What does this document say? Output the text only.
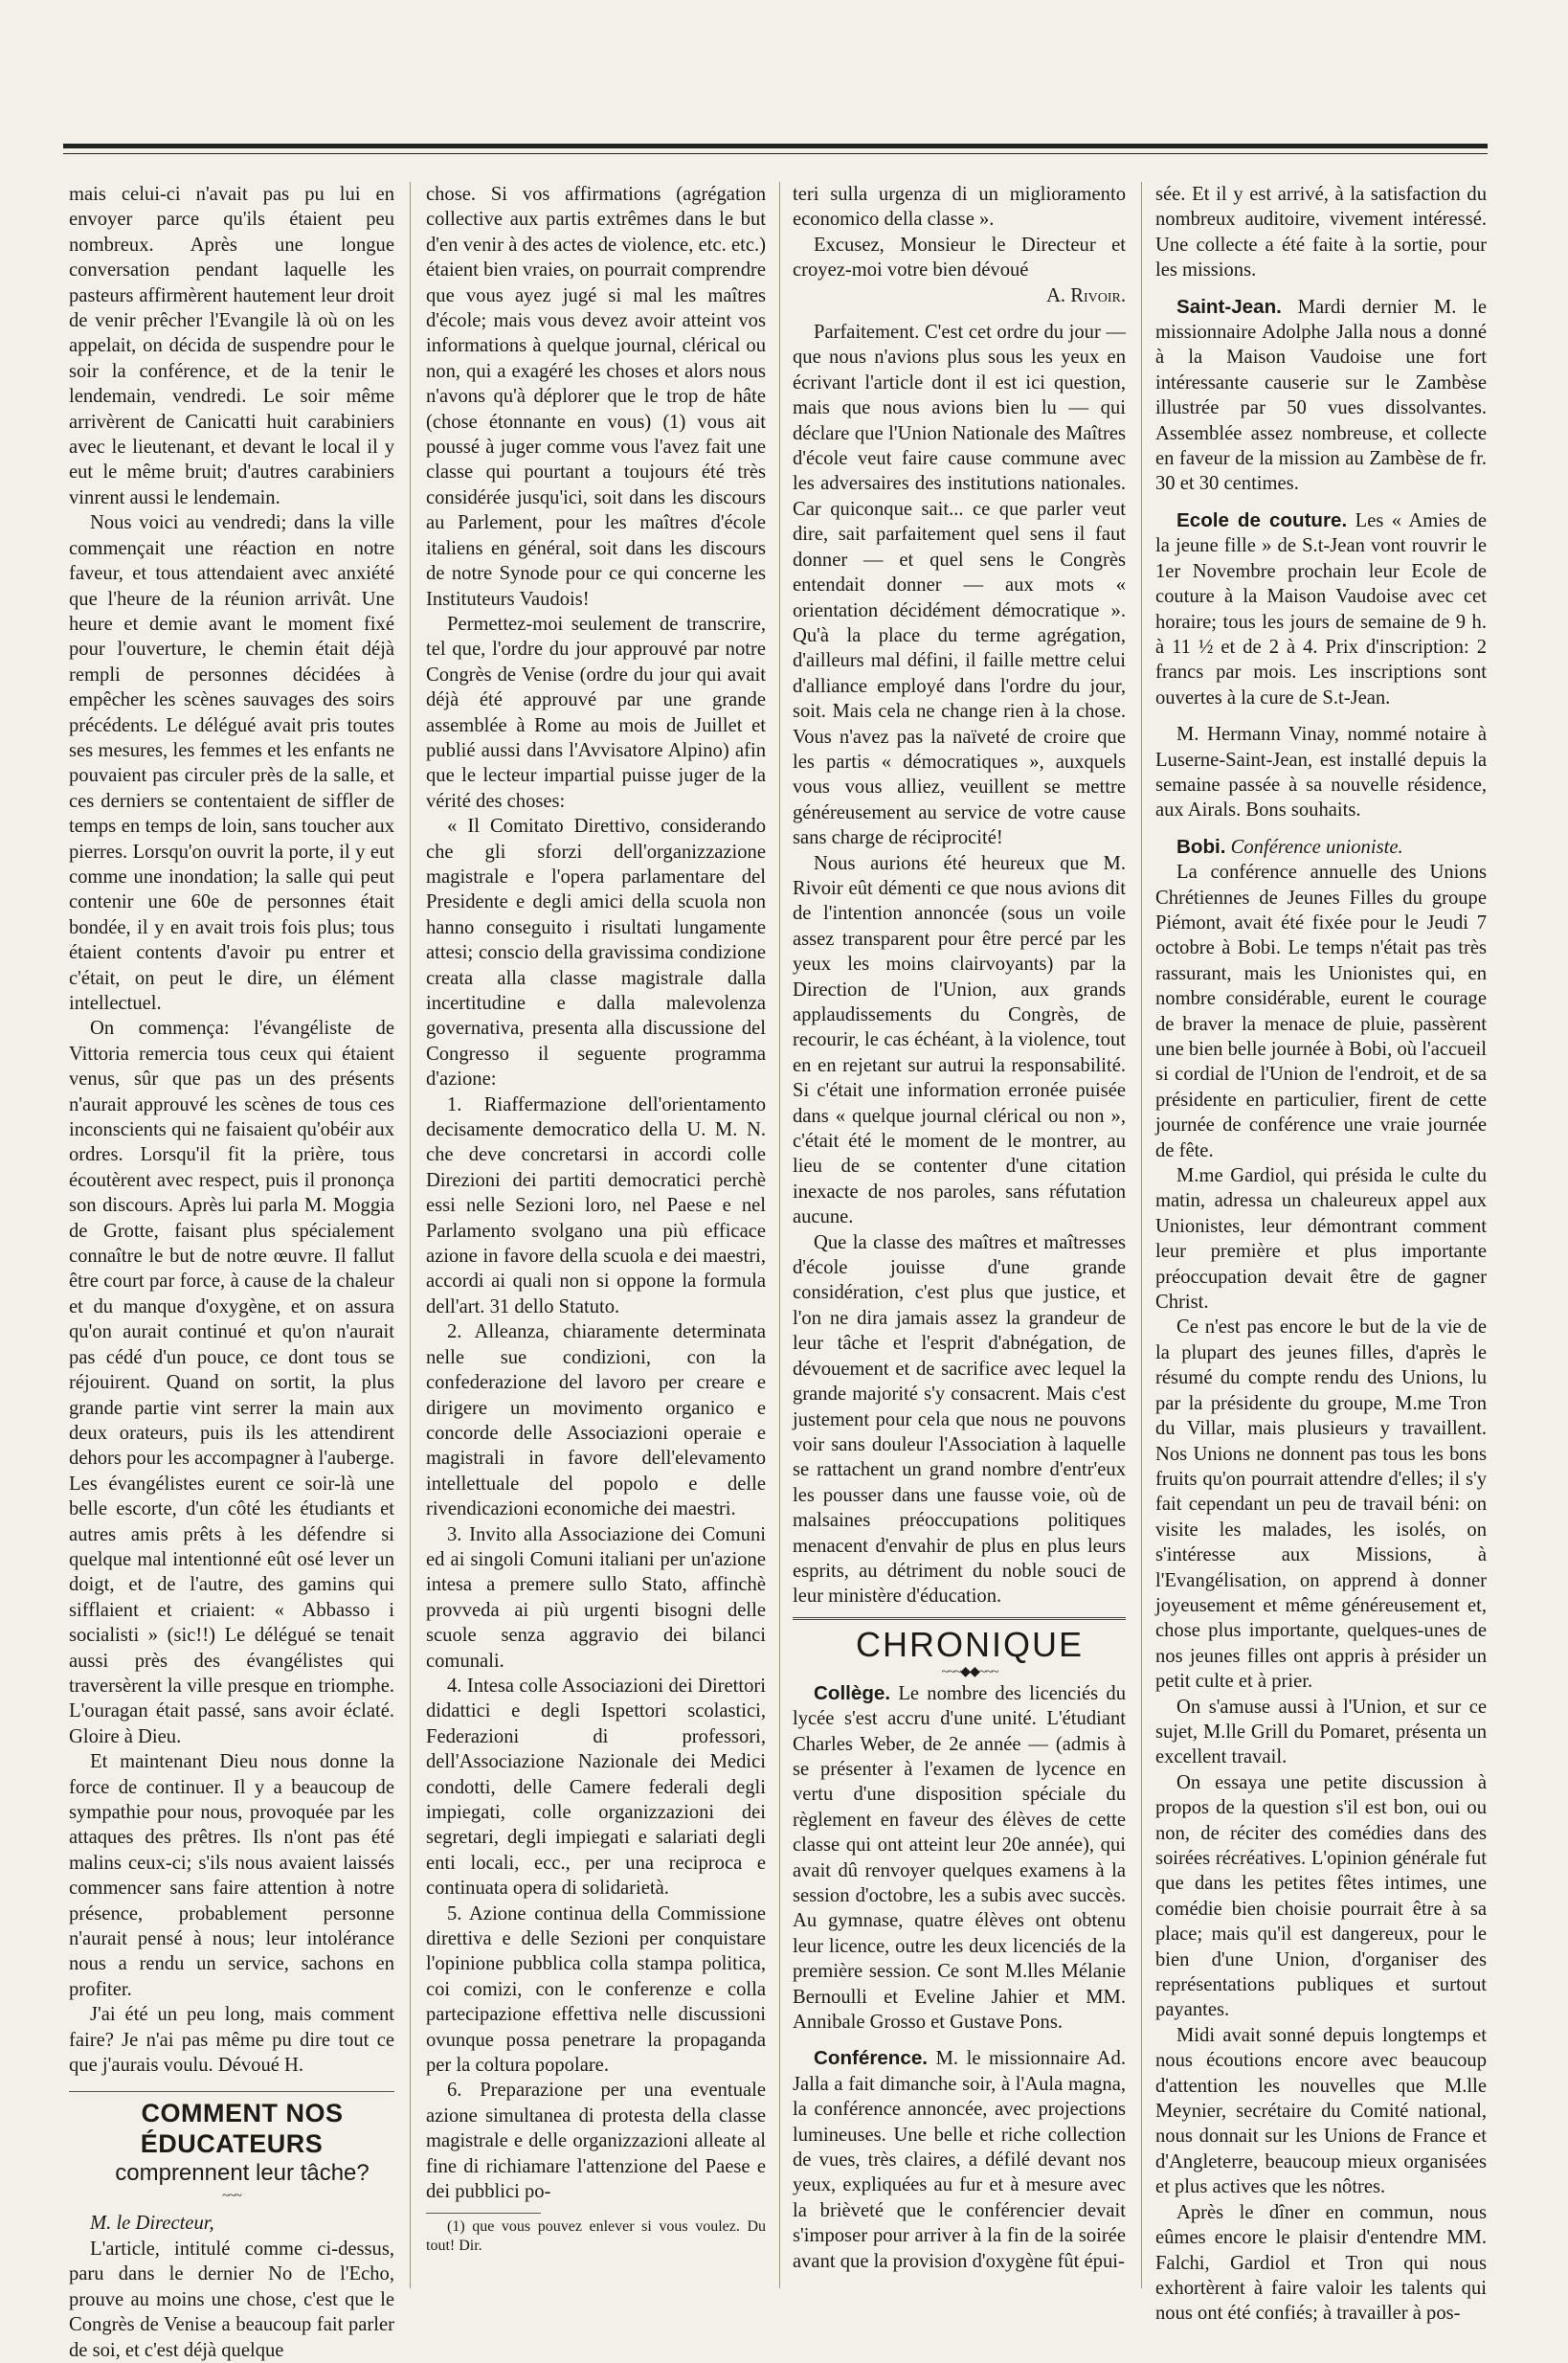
mais celui-ci n'avait pas pu lui en envoyer parce qu'ils étaient peu nombreux. Après une longue conversation pendant laquelle les pasteurs affirmèrent hautement leur droit de venir prêcher l'Evangile là où on les appelait, on décida de suspendre pour le soir la conférence, et de la tenir le lendemain, vendredi. Le soir même arrivèrent de Canicatti huit carabiniers avec le lieutenant, et devant le local il y eut le même bruit; d'autres carabiniers vinrent aussi le lendemain.

Nous voici au vendredi; dans la ville commençait une réaction en notre faveur, et tous attendaient avec anxiété que l'heure de la réunion arrivât. Une heure et demie avant le moment fixé pour l'ouverture, le chemin était déjà rempli de personnes décidées à empêcher les scènes sauvages des soirs précédents. Le délégué avait pris toutes ses mesures, les femmes et les enfants ne pouvaient pas circuler près de la salle, et ces derniers se contentaient de siffler de temps en temps de loin, sans toucher aux pierres. Lorsqu'on ouvrit la porte, il y eut comme une inondation; la salle qui peut contenir une 60e de personnes était bondée, il y en avait trois fois plus; tous étaient contents d'avoir pu entrer et c'était, on peut le dire, un élément intellectuel.

On commença: l'évangéliste de Vittoria remercia tous ceux qui étaient venus, sûr que pas un des présents n'aurait approuvé les scènes de tous ces inconscients qui ne faisaient qu'obéir aux ordres. Lorsqu'il fit la prière, tous écoutèrent avec respect, puis il prononça son discours. Après lui parla M. Moggia de Grotte, faisant plus spécialement connaître le but de notre œuvre. Il fallut être court par force, à cause de la chaleur et du manque d'oxygène, et on assura qu'on aurait continué et qu'on n'aurait pas cédé d'un pouce, ce dont tous se réjouirent. Quand on sortit, la plus grande partie vint serrer la main aux deux orateurs, puis ils les attendirent dehors pour les accompagner à l'auberge. Les évangélistes eurent ce soir-là une belle escorte, d'un côté les étudiants et autres amis prêts à les défendre si quelque mal intentionné eût osé lever un doigt, et de l'autre, des gamins qui sifflaient et criaient: « Abbasso i socialisti » (sic!!) Le délégué se tenait aussi près des évangélistes qui traversèrent la ville presque en triomphe. L'ouragan était passé, sans avoir éclaté. Gloire à Dieu.

Et maintenant Dieu nous donne la force de continuer. Il y a beaucoup de sympathie pour nous, provoquée par les attaques des prêtres. Ils n'ont pas été malins ceux-ci; s'ils nous avaient laissés commencer sans faire attention à notre présence, probablement personne n'aurait pensé à nous; leur intolérance nous a rendu un service, sachons en profiter.

J'ai été un peu long, mais comment faire? Je n'ai pas même pu dire tout ce que j'aurais voulu. Dévoué H.

COMMENT NOS ÉDUCATEURS

comprennent leur tâche?

~~~

M. le Directeur,

L'article, intitulé comme ci-dessus, paru dans le dernier No de l'Echo, prouve au moins une chose, c'est que le Congrès de Venise a beaucoup fait parler de soi, et c'est déjà quelque

chose. Si vos affirmations (agrégation collective aux partis extrêmes dans le but d'en venir à des actes de violence, etc. etc.) étaient bien vraies, on pourrait comprendre que vous ayez jugé si mal les maîtres d'école; mais vous devez avoir atteint vos informations à quelque journal, clérical ou non, qui a exagéré les choses et alors nous n'avons qu'à déplorer que le trop de hâte (chose étonnante en vous) (1) vous ait poussé à juger comme vous l'avez fait une classe qui pourtant a toujours été très considérée jusqu'ici, soit dans les discours au Parlement, pour les maîtres d'école italiens en général, soit dans les discours de notre Synode pour ce qui concerne les Instituteurs Vaudois!

Permettez-moi seulement de transcrire, tel que, l'ordre du jour approuvé par notre Congrès de Venise (ordre du jour qui avait déjà été approuvé par une grande assemblée à Rome au mois de Juillet et publié aussi dans l'Avvisatore Alpino) afin que le lecteur impartial puisse juger de la vérité des choses:

« Il Comitato Direttivo, considerando che gli sforzi dell'organizzazione magistrale e l'opera parlamentare del Presidente e degli amici della scuola non hanno conseguito i risultati lungamente attesi; conscio della gravissima condizione creata alla classe magistrale dalla incertitudine e dalla malevolenza governativa, presenta alla discussione del Congresso il seguente programma d'azione:

1. Riaffermazione dell'orientamento decisamente democratico della U. M. N. che deve concretarsi in accordi colle Direzioni dei partiti democratici perchè essi nelle Sezioni loro, nel Paese e nel Parlamento svolgano una più efficace azione in favore della scuola e dei maestri, accordi ai quali non si oppone la formula dell'art. 31 dello Statuto.

2. Alleanza, chiaramente determinata nelle sue condizioni, con la confederazione del lavoro per creare e dirigere un movimento organico e concorde delle Associazioni operaie e magistrali in favore dell'elevamento intellettuale del popolo e delle rivendicazioni economiche dei maestri.

3. Invito alla Associazione dei Comuni ed ai singoli Comuni italiani per un'azione intesa a premere sullo Stato, affinchè provveda ai più urgenti bisogni delle scuole senza aggravio dei bilanci comunali.

4. Intesa colle Associazioni dei Direttori didattici e degli Ispettori scolastici, Federazioni di professori, dell'Associazione Nazionale dei Medici condotti, delle Camere federali degli impiegati, colle organizzazioni dei segretari, degli impiegati e salariati degli enti locali, ecc., per una reciproca e continuata opera di solidarietà.

5. Azione continua della Commissione direttiva e delle Sezioni per conquistare l'opinione pubblica colla stampa politica, coi comizi, con le conferenze e colla partecipazione effettiva nelle discussioni ovunque possa penetrare la propaganda per la coltura popolare.

6. Preparazione per una eventuale azione simultanea di protesta della classe magistrale e delle organizzazioni alleate al fine di richiamare l'attenzione del Paese e dei pubblici po-

(1) que vous pouvez enlever si vous voulez. Du tout! Dir.

teri sulla urgenza di un miglioramento economico della classe ».

Excusez, Monsieur le Directeur et croyez-moi votre bien dévoué

A. Rivoir.

Parfaitement. C'est cet ordre du jour — que nous n'avions plus sous les yeux en écrivant l'article dont il est ici question, mais que nous avions bien lu — qui déclare que l'Union Nationale des Maîtres d'école veut faire cause commune avec les adversaires des institutions nationales. Car quiconque sait... ce que parler veut dire, sait parfaitement quel sens il faut donner — et quel sens le Congrès entendait donner — aux mots « orientation décidément démocratique ». Qu'à la place du terme agrégation, d'ailleurs mal défini, il faille mettre celui d'alliance employé dans l'ordre du jour, soit. Mais cela ne change rien à la chose. Vous n'avez pas la naïveté de croire que les partis « démocratiques », auxquels vous vous alliez, veuillent se mettre généreusement au service de votre cause sans charge de réciprocité!

Nous aurions été heureux que M. Rivoir eût démenti ce que nous avions dit de l'intention annoncée (sous un voile assez transparent pour être percé par les yeux les moins clairvoyants) par la Direction de l'Union, aux grands applaudissements du Congrès, de recourir, le cas échéant, à la violence, tout en en rejetant sur autrui la responsabilité. Si c'était une information erronée puisée dans « quelque journal clérical ou non », c'était été le moment de le montrer, au lieu de se contenter d'une citation inexacte de nos paroles, sans réfutation aucune.

Que la classe des maîtres et maîtresses d'école jouisse d'une grande considération, c'est plus que justice, et l'on ne dira jamais assez la grandeur de leur tâche et l'esprit d'abnégation, de dévouement et de sacrifice avec lequel la grande majorité s'y consacrent. Mais c'est justement pour cela que nous ne pouvons voir sans douleur l'Association à laquelle se rattachent un grand nombre d'entr'eux les pousser dans une fausse voie, où de malsaines préoccupations politiques menacent d'envahir de plus en plus leurs esprits, au détriment du noble souci de leur ministère d'éducation.

CHRONIQUE

~~~◆◆~~~

Collège. Le nombre des licenciés du lycée s'est accru d'une unité. L'étudiant Charles Weber, de 2e année — (admis à se présenter à l'examen de lycence en vertu d'une disposition spéciale du règlement en faveur des élèves de cette classe qui ont atteint leur 20e année), qui avait dû renvoyer quelques examens à la session d'octobre, les a subis avec succès. Au gymnase, quatre élèves ont obtenu leur licence, outre les deux licenciés de la première session. Ce sont M.lles Mélanie Bernoulli et Eveline Jahier et MM. Annibale Grosso et Gustave Pons.

Conférence. M. le missionnaire Ad. Jalla a fait dimanche soir, à l'Aula magna, la conférence annoncée, avec projections lumineuses. Une belle et riche collection de vues, très claires, a défilé devant nos yeux, expliquées au fur et à mesure avec la brièveté que le conférencier devait s'imposer pour arriver à la fin de la soirée avant que la provision d'oxygène fût épui-

sée. Et il y est arrivé, à la satisfaction du nombreux auditoire, vivement intéressé. Une collecte a été faite à la sortie, pour les missions.

Saint-Jean. Mardi dernier M. le missionnaire Adolphe Jalla nous a donné à la Maison Vaudoise une fort intéressante causerie sur le Zambèse illustrée par 50 vues dissolvantes. Assemblée assez nombreuse, et collecte en faveur de la mission au Zambèse de fr. 30 et 30 centimes.

Ecole de couture. Les « Amies de la jeune fille » de S.t-Jean vont rouvrir le 1er Novembre prochain leur Ecole de couture à la Maison Vaudoise avec cet horaire; tous les jours de semaine de 9 h. à 11 ½ et de 2 à 4. Prix d'inscription: 2 francs par mois. Les inscriptions sont ouvertes à la cure de S.t-Jean.

M. Hermann Vinay, nommé notaire à Luserne-Saint-Jean, est installé depuis la semaine passée à sa nouvelle résidence, aux Airals. Bons souhaits.

Bobi. Conférence unioniste.

La conférence annuelle des Unions Chrétiennes de Jeunes Filles du groupe Piémont, avait été fixée pour le Jeudi 7 octobre à Bobi. Le temps n'était pas très rassurant, mais les Unionistes qui, en nombre considérable, eurent le courage de braver la menace de pluie, passèrent une bien belle journée à Bobi, où l'accueil si cordial de l'Union de l'endroit, et de sa présidente en particulier, firent de cette journée de conférence une vraie journée de fête.

M.me Gardiol, qui présida le culte du matin, adressa un chaleureux appel aux Unionistes, leur démontrant comment leur première et plus importante préoccupation devait être de gagner Christ.

Ce n'est pas encore le but de la vie de la plupart des jeunes filles, d'après le résumé du compte rendu des Unions, lu par la présidente du groupe, M.me Tron du Villar, mais plusieurs y travaillent. Nos Unions ne donnent pas tous les bons fruits qu'on pourrait attendre d'elles; il s'y fait cependant un peu de travail béni: on visite les malades, les isolés, on s'intéresse aux Missions, à l'Evangélisation, on apprend à donner joyeusement et même généreusement et, chose plus importante, quelques-unes de nos jeunes filles ont appris à présider un petit culte et à prier.

On s'amuse aussi à l'Union, et sur ce sujet, M.lle Grill du Pomaret, présenta un excellent travail.

On essaya une petite discussion à propos de la question s'il est bon, oui ou non, de réciter des comédies dans des soirées récréatives. L'opinion générale fut que dans les petites fêtes intimes, une comédie bien choisie pourrait être à sa place; mais qu'il est dangereux, pour le bien d'une Union, d'organiser des représentations publiques et surtout payantes.

Midi avait sonné depuis longtemps et nous écoutions encore avec beaucoup d'attention les nouvelles que M.lle Meynier, secrétaire du Comité national, nous donnait sur les Unions de France et d'Angleterre, beaucoup mieux organisées et plus actives que les nôtres.

Après le dîner en commun, nous eûmes encore le plaisir d'entendre MM. Falchi, Gardiol et Tron qui nous exhortèrent à faire valoir les talents qui nous ont été confiés; à travailler à pos-
